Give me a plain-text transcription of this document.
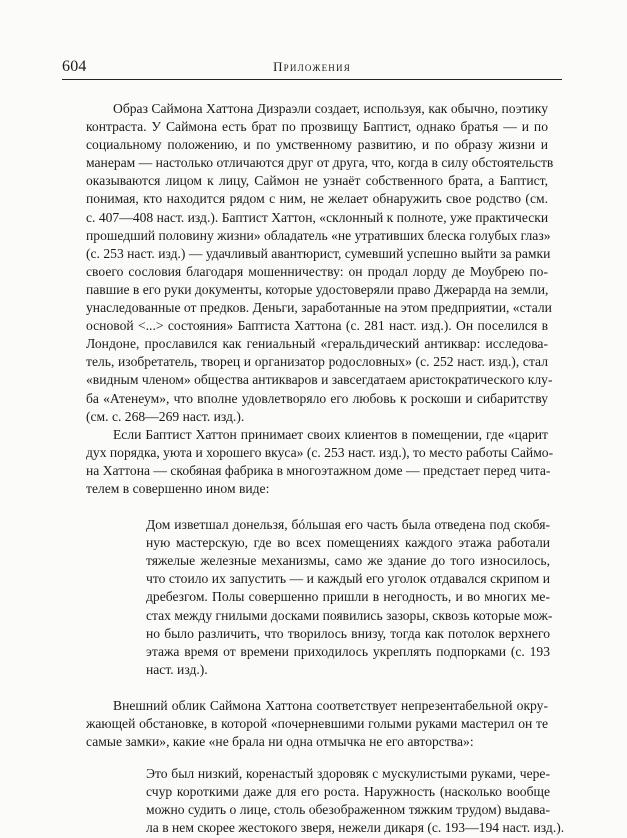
604	Приложения
Образ Саймона Хаттона Дизраэли создает, используя, как обычно, поэтику
контраста. У Саймона есть брат по прозвищу Баптист, однако братья — и по
социальному положению, и по умственному развитию, и по образу жизни и
манерам — настолько отличаются друг от друга, что, когда в силу обстоятельств
оказываются лицом к лицу, Саймон не узнаёт собственного брата, а Баптист,
понимая, кто находится рядом с ним, не желает обнаружить свое родство (см.
с. 407—408 наст. изд.). Баптист Хаттон, «склонный к полноте, уже практически
прошедший половину жизни» обладатель «не утративших блеска голубых глаз»
(с. 253 наст. изд.) — удачливый авантюрист, сумевший успешно выйти за рамки
своего сословия благодаря мошенничеству: он продал лорду де Моубрею по-
павшие в его руки документы, которые удостоверяли право Джерарда на земли,
унаследованные от предков. Деньги, заработанные на этом предприятии, «стали
основой <...> состояния» Баптиста Хаттона (с. 281 наст. изд.). Он поселился в
Лондоне, прославился как гениальный «геральдический антиквар: исследова-
тель, изобретатель, творец и организатор родословных» (с. 252 наст. изд.), стал
«видным членом» общества антикваров и завсегдатаем аристократического клу-
ба «Атенеум», что вполне удовлетворяло его любовь к роскоши и сибаритству
(см. с. 268—269 наст. изд.).
Если Баптист Хаттон принимает своих клиентов в помещении, где «царит
дух порядка, уюта и хорошего вкуса» (с. 253 наст. изд.), то место работы Саймо-
на Хаттона — скобяная фабрика в многоэтажном доме — предстает перед чита-
телем в совершенно ином виде:
Дом изветшал донельзя, бóльшая его часть была отведена под скобя-
ную мастерскую, где во всех помещениях каждого этажа работали
тяжелые железные механизмы, само же здание до того износилось,
что стоило их запустить — и каждый его уголок отдавался скрипом и
дребезгом. Полы совершенно пришли в негодность, и во многих ме-
стах между гнилыми досками появились зазоры, сквозь которые мож-
но было различить, что творилось внизу, тогда как потолок верхнего
этажа время от времени приходилось укреплять подпорками (с. 193
наст. изд.).
Внешний облик Саймона Хаттона соответствует непрезентабельной окру-
жающей обстановке, в которой «почерневшими голыми руками мастерил он те
самые замки», какие «не брала ни одна отмычка не его авторства»:
Это был низкий, коренастый здоровяк с мускулистыми руками, чере-
счур короткими даже для его роста. Наружность (насколько вообще
можно судить о лице, столь обезображенном тяжким трудом) выдава-
ла в нем скорее жестокого зверя, нежели дикаря (с. 193—194 наст. изд.).
